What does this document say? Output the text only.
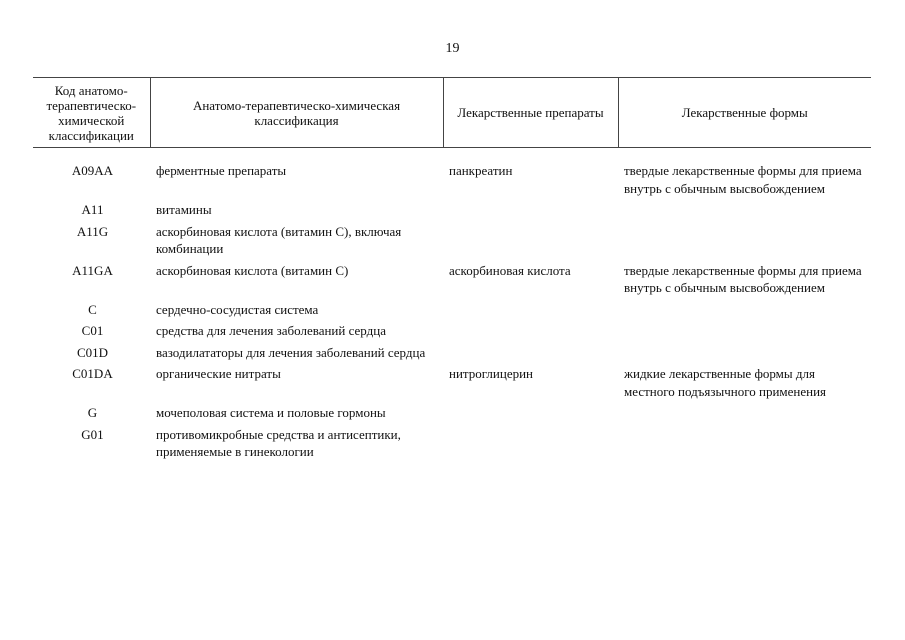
19
Код анатомо-терапевтическо-химической классификации	Анатомо-терапевтическо-химическая классификация	Лекарственные препараты	Лекарственные формы
A09AA	ферментные препараты	панкреатин	твердые лекарственные формы для приема внутрь с обычным высвобождением
A11	витамины		
A11G	аскорбиновая кислота (витамин С), включая комбинации		
A11GA	аскорбиновая кислота (витамин С)	аскорбиновая кислота	твердые лекарственные формы для приема внутрь с обычным высвобождением
C	сердечно-сосудистая система		
C01	средства для лечения заболеваний сердца		
C01D	вазодилататоры для лечения заболеваний сердца		
C01DA	органические нитраты	нитроглицерин	жидкие лекарственные формы для местного подъязычного применения
G	мочеполовая система и половые гормоны		
G01	противомикробные средства и антисептики, применяемые в гинекологии		
